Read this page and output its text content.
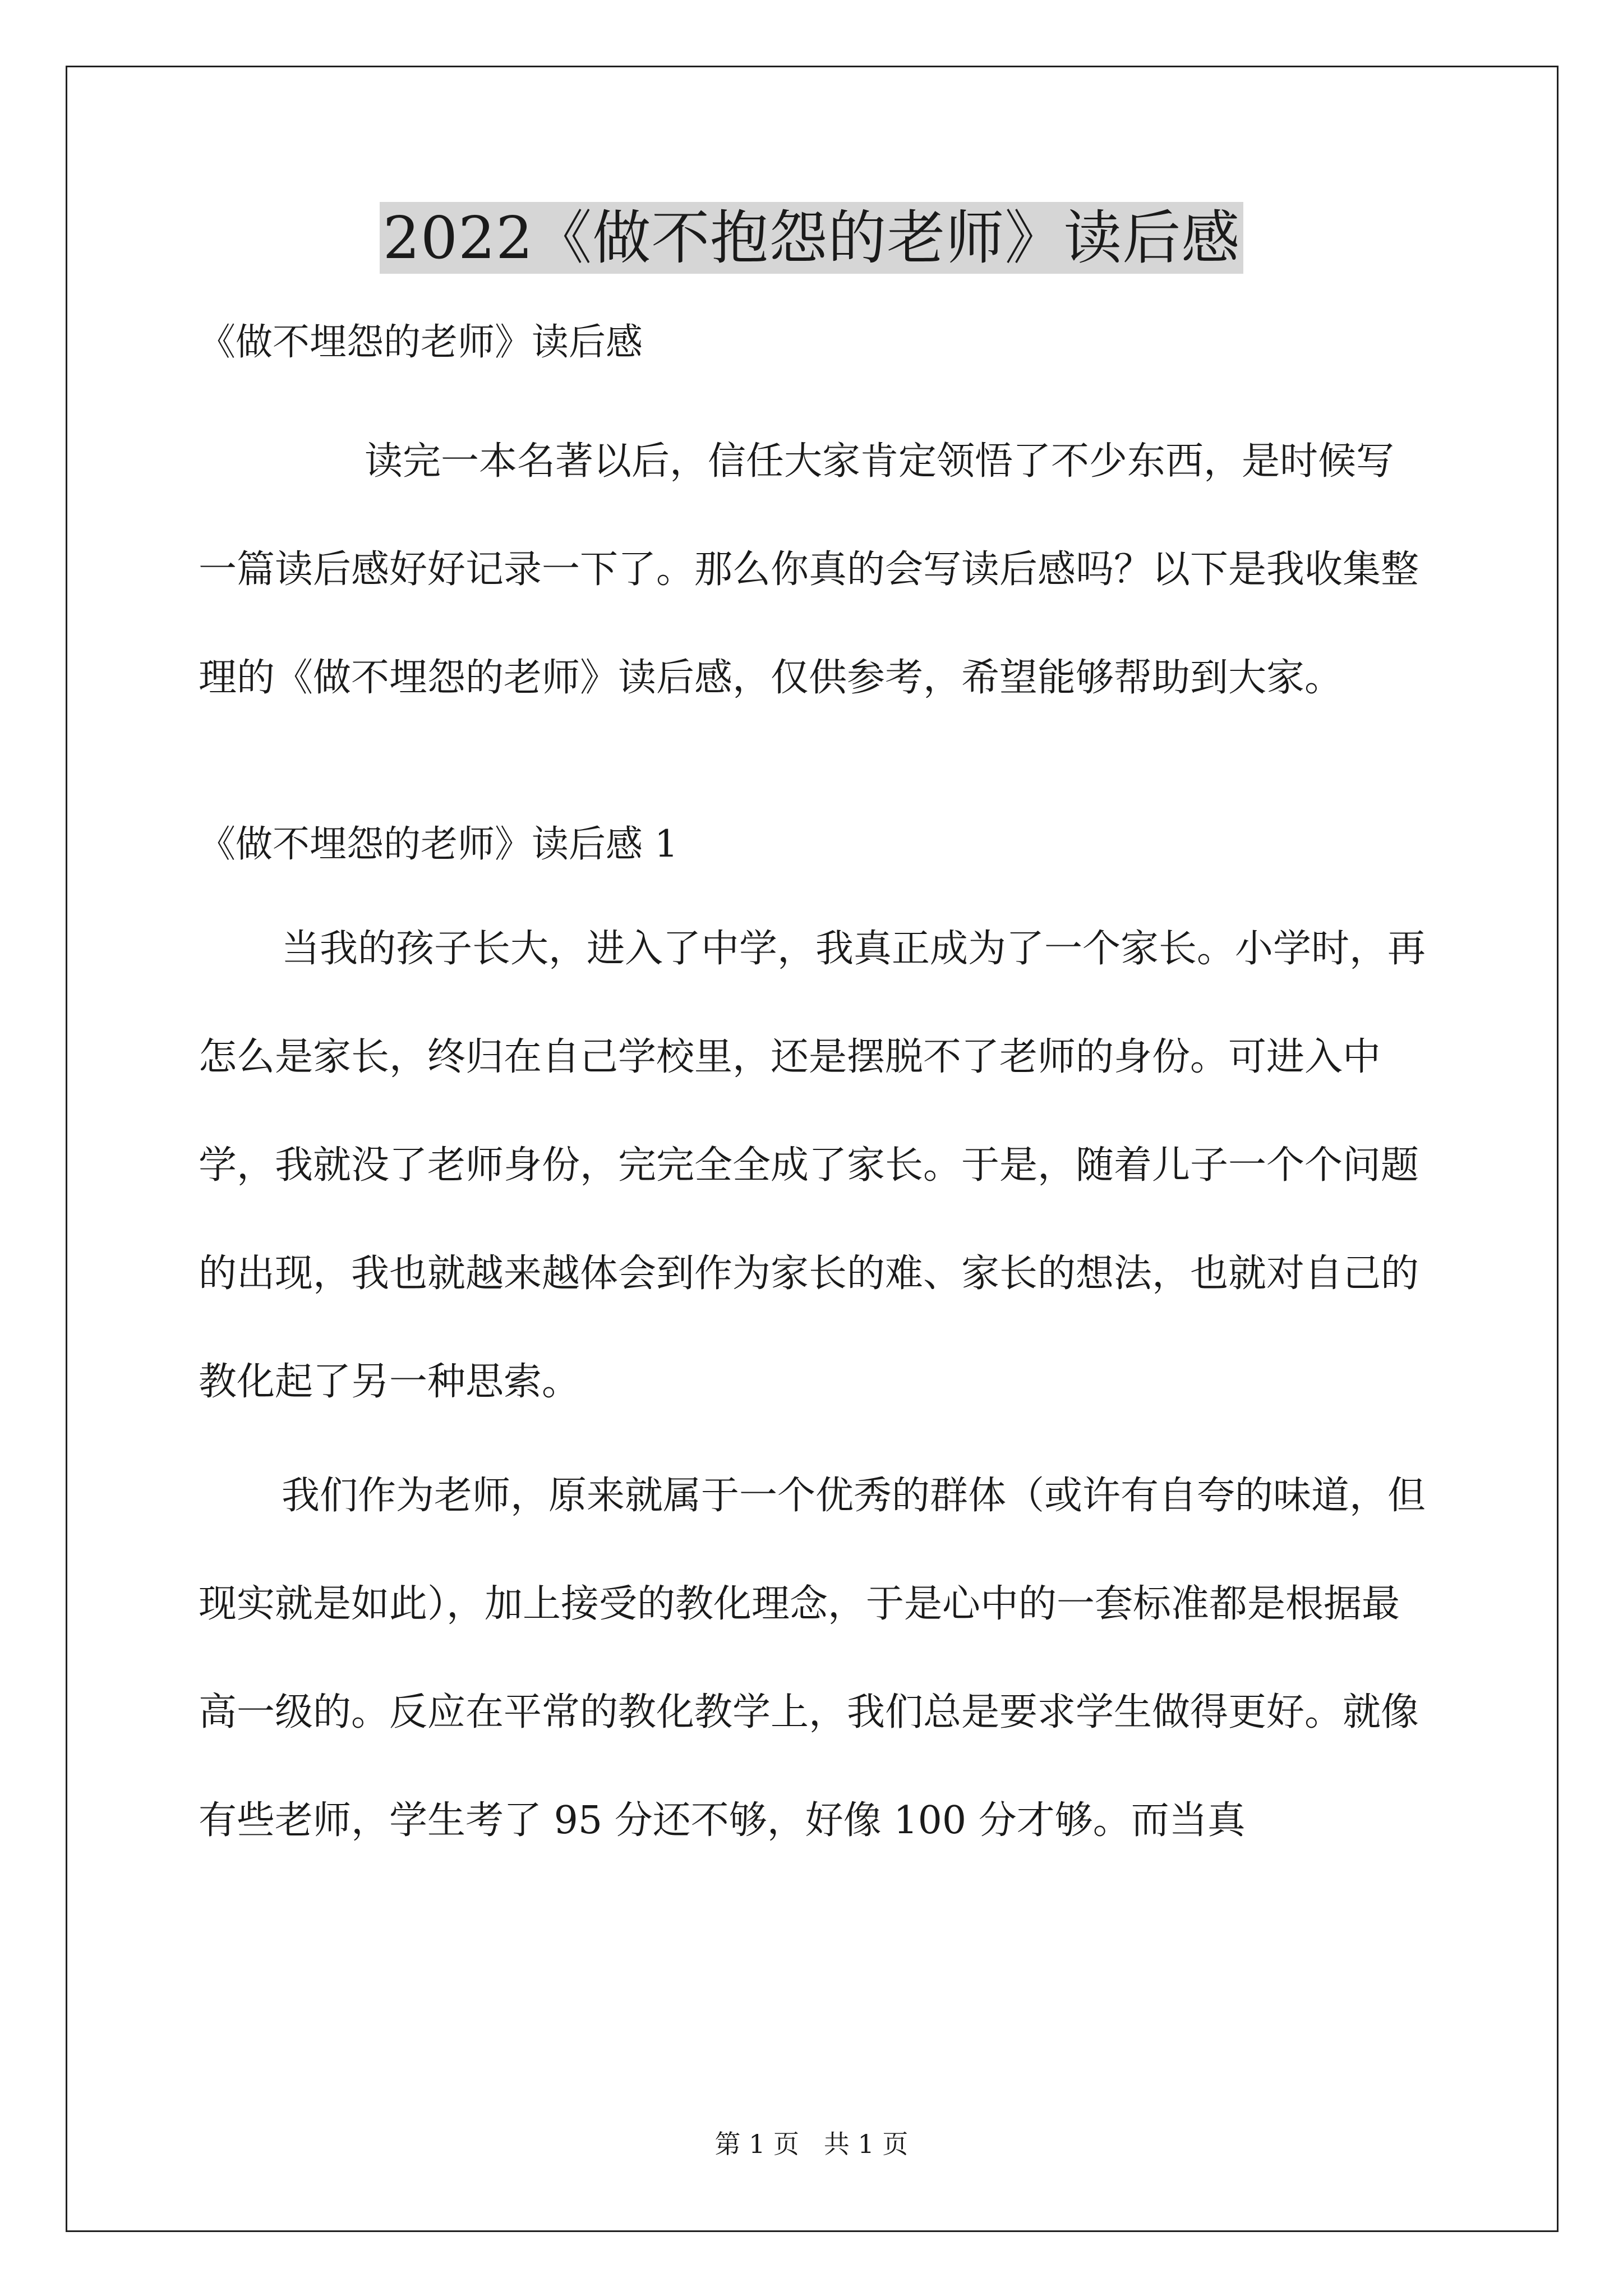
2022《做不抱怨的老师》读后感

《做不埋怨的老师》读后感

读完一本名著以后，信任大家肯定领悟了不少东西，是时候写一篇读后感好好记录一下了。那么你真的会写读后感吗？以下是我收集整理的《做不埋怨的老师》读后感，仅供参考，希望能够帮助到大家。

《做不埋怨的老师》读后感 1

当我的孩子长大，进入了中学，我真正成为了一个家长。小学时，再怎么是家长，终归在自己学校里，还是摆脱不了老师的身份。可进入中学，我就没了老师身份，完完全全成了家长。于是，随着儿子一个个问题的出现，我也就越来越体会到作为家长的难、家长的想法，也就对自己的教化起了另一种思索。

我们作为老师，原来就属于一个优秀的群体（或许有自夸的味道，但现实就是如此），加上接受的教化理念，于是心中的一套标准都是根据最高一级的。反应在平常的教化教学上，我们总是要求学生做得更好。就像有些老师，学生考了 95 分还不够，好像 100 分才够。而当真

第 1 页   共 1 页
